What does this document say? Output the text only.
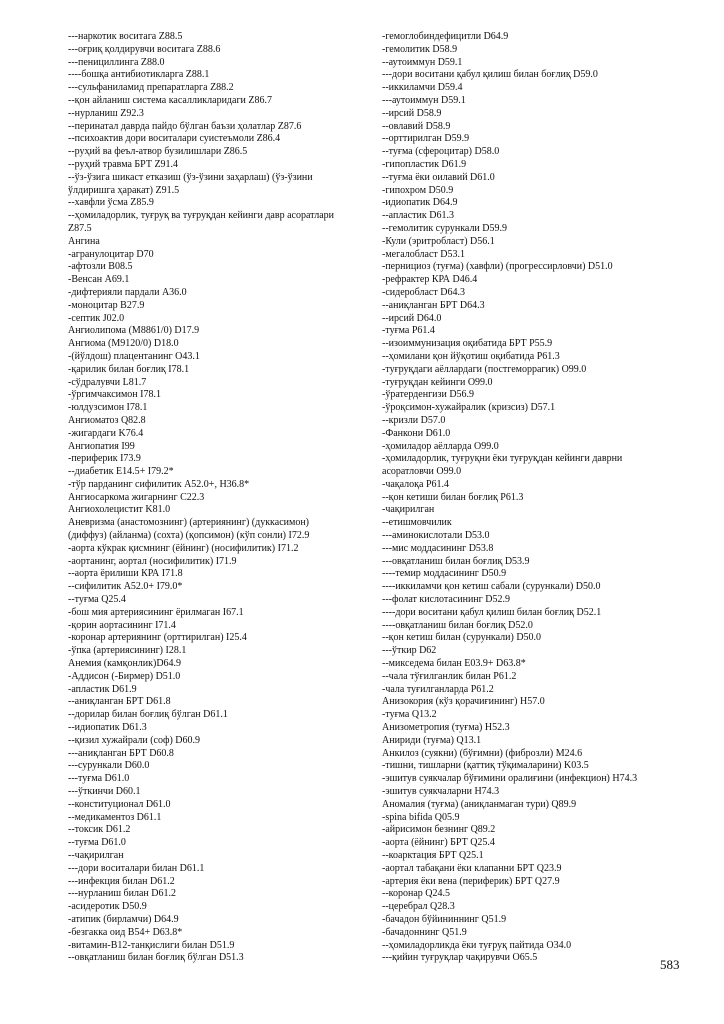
---наркотик воситага Z88.5
---оғриқ қолдирувчи воситага Z88.6
---пенициллинга Z88.0
----бошқа антибиотикларга Z88.1
---сульфаниламид препаратларга Z88.2
--қон айланиш система касалликларидаги Z86.7
--нурланиш Z92.3
--перинатал даврда пайдо бўлган баъзи ҳолатлар Z87.6
--психоактив дори воситалари суистеъмоли Z86.4
--руҳий ва феъл-атвор бузилишлари Z86.5
--руҳий травма БРТ Z91.4
--ўз-ўзига шикаст етказиш (ўз-ўзини заҳарлаш) (ўз-ўзини
ўлдиришга ҳаракат) Z91.5
--хавфли ўсма Z85.9
--ҳомиладорлик, туғруқ ва туғруқдан кейинги давр асоратлари
Z87.5
Ангина
-агранулоцитар D70
-афтозли B08.5
-Венсан А69.1
-дифтерияли пардали А36.0
-моноцитар B27.9
-септик J02.0
Ангиолипома (M8861/0) D17.9
Ангиома (M9120/0) D18.0
-(йўлдош) плацентанинг O43.1
-қарилик билан боғлиқ I78.1
-сўдралувчи L81.7
-ўргимчаксимон I78.1
-юлдузсимон I78.1
Ангиоматоз Q82.8
-жигардаги K76.4
Ангиопатия I99
-периферик I73.9
--диабетик E14.5+ I79.2*
-тўр парданинг сифилитик A52.0+, H36.8*
Ангиосаркома жигарнинг C22.3
Ангиохолецистит K81.0
Аневризма (анастомознинг) (артериянинг) (дуккасимон)
(диффуз) (айланма) (сохта) (қопсимон) (кўп сонли) I72.9
-аорта кўкрак қисмнинг (ёйнинг) (носифилитик) I71.2
-аортанинг, аортал (носифилитик) I71.9
--аорта ёрилиши КРА I71.8
--сифилитик A52.0+ I79.0*
--туғма Q25.4
-бош мия артериясининг ёрилмаган I67.1
-қорин аортасининг I71.4
-коронар артериянинг (орттирилган) I25.4
-ўпка (артериясининг) I28.1
Анемия (камқонлик)D64.9
-Аддисон (-Бирмер) D51.0
-апластик D61.9
--аниқланган БРТ D61.8
--дорилар билан боғлиқ бўлган D61.1
--идиопатик D61.3
--қизил хужайрали (соф) D60.9
---аниқланган БРТ D60.8
---сурункали D60.0
---туғма D61.0
---ўткинчи D60.1
--конституционал D61.0
--медикаментоз D61.1
--токсик D61.2
--туғма D61.0
--чақирилган
---дори воситалари билан D61.1
---инфекция билан D61.2
---нурланиш билан D61.2
-асидеротик D50.9
-атипик (бирламчи) D64.9
-безгакка оид B54+ D63.8*
-витамин-B12-танқислиги билан D51.9
--овқатланиш билан боғлиқ бўлган D51.3
-гемоглобиндефицитли D64.9
-гемолитик D58.9
--аутоиммун D59.1
---дори воситани қабул қилиш билан боғлиқ D59.0
--иккиламчи D59.4
---аутоиммун D59.1
--ирсий D58.9
--овлавий D58.9
--орттирилган D59.9
--туғма (сфероцитар) D58.0
-гипопластик D61.9
--туғма ёки оилавий D61.0
-гипохром D50.9
-идиопатик D64.9
--апластик D61.3
--гемолитик сурункали D59.9
-Кули (эритробласт) D56.1
-мегалобласт D53.1
-пернициоз (туғма) (хавфли) (прогрессирловчи) D51.0
-рефрактер КРА D46.4
-сидеробласт D64.3
--аниқланган БРТ D64.3
--ирсий D64.0
-туғма P61.4
--изоиммунизация оқибатида БРТ P55.9
--ҳомилани қон йўқотиш оқибатида P61.3
-туғруқдаги аёллардаги (постгеморрагик) O99.0
-туғруқдан кейинги O99.0
-ўратерденгизи D56.9
-ўроқсимон-хужайралик (кризсиз) D57.1
--кризли D57.0
-Фанкони D61.0
-ҳомиладор аёлларда O99.0
-ҳомиладорлик, туғруқни ёки туғруқдан кейинги даврни
асоратловчи O99.0
-чақалоқа P61.4
--қон кетиши билан боғлиқ P61.3
-чақирилган
--етишмовчилик
---аминокислотали D53.0
---мис моддасининг D53.8
---овқатланиш билан боғлиқ D53.9
----темир моддасининг D50.9
----иккиламчи қон кетиш сабали (сурункали) D50.0
---фолат кислотасининг D52.9
----дори воситани қабул қилиш билан боғлиқ D52.1
----овқатланиш билан боғлиқ D52.0
--қон кетиш билан (сурункали) D50.0
---ўткир D62
--микседема билан E03.9+ D63.8*
--чала тўғилганлик билан P61.2
-чала туғилганларда P61.2
Анизокория (кўз қорачиғининг) H57.0
-туғма Q13.2
Анизометропия (туғма) H52.3
Анириди (туғма) Q13.1
Анкилоз (суякни) (бўғимни) (фиброзли) M24.6
-тишни, тишларни (қаттиқ тўқималарини) K03.5
-эшитув суякчалар бўғимини оралиғини (инфекцион) H74.3
-эшитув суякчаларни H74.3
Аномалия (туғма) (аниқланмаган тури) Q89.9
-spina bifida Q05.9
-айрисимон безнинг Q89.2
-аорта (ёйнинг) БРТ Q25.4
--коарктация БРТ Q25.1
-аортал табақани ёки клапанни БРТ Q23.9
-артерия ёки вена (периферик) БРТ Q27.9
--коронар Q24.5
--церебрал Q28.3
-бачадон бўйининнинг Q51.9
-бачадоннинг Q51.9
--ҳомиладорликда ёки туғруқ пайтида O34.0
---қийин туғруқлар чақирувчи O65.5	583
